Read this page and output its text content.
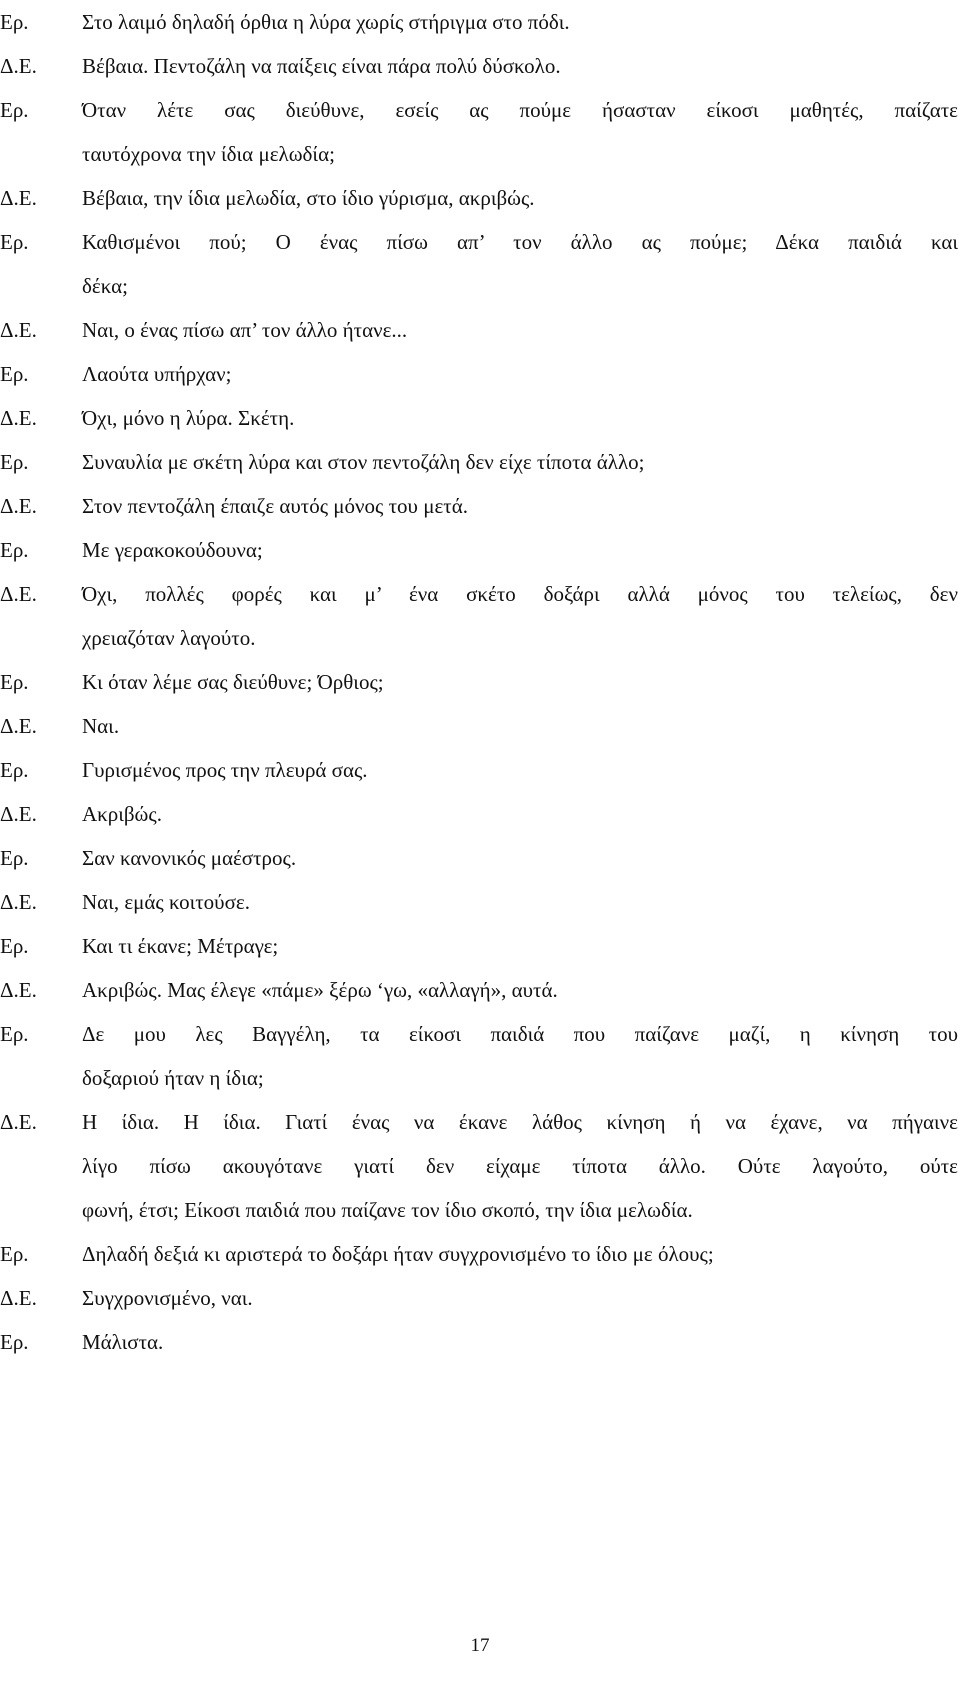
Ερ.	Στο λαιμό δηλαδή όρθια η λύρα χωρίς στήριγμα στο πόδι.
Δ.Ε.	Βέβαια. Πεντοζάλη να παίξεις είναι πάρα πολύ δύσκολο.
Ερ.	Όταν λέτε σας διεύθυνε, εσείς ας πούμε ήσασταν είκοσι μαθητές, παίζατε
ταυτόχρονα την ίδια μελωδία;
Δ.Ε.	Βέβαια, την ίδια μελωδία, στο ίδιο γύρισμα, ακριβώς.
Ερ.	Καθισμένοι πού; Ο ένας πίσω απ’ τον άλλο ας πούμε; Δέκα παιδιά και
δέκα;
Δ.Ε.	Ναι, ο ένας πίσω απ’ τον άλλο ήτανε...
Ερ.	Λαούτα υπήρχαν;
Δ.Ε.	Όχι, μόνο η λύρα. Σκέτη.
Ερ.	Συναυλία με σκέτη λύρα και στον πεντοζάλη δεν είχε τίποτα άλλο;
Δ.Ε.	Στον πεντοζάλη έπαιζε αυτός μόνος του μετά.
Ερ.	Με γερακοκούδουνα;
Δ.Ε.	Όχι, πολλές φορές και μ’ ένα σκέτο δοξάρι αλλά μόνος του τελείως, δεν
χρειαζόταν λαγούτο.
Ερ.	Κι όταν λέμε σας διεύθυνε; Όρθιος;
Δ.Ε.	Ναι.
Ερ.	Γυρισμένος προς την πλευρά σας.
Δ.Ε.	Ακριβώς.
Ερ.	Σαν κανονικός μαέστρος.
Δ.Ε.	Ναι, εμάς κοιτούσε.
Ερ.	Και τι έκανε; Μέτραγε;
Δ.Ε.	Ακριβώς. Μας έλεγε «πάμε» ξέρω ‘γω, «αλλαγή», αυτά.
Ερ.	Δε μου λες Βαγγέλη, τα είκοσι παιδιά που παίζανε μαζί, η κίνηση του
δοξαριού ήταν η ίδια;
Δ.Ε.	Η ίδια. Η ίδια. Γιατί ένας να έκανε λάθος κίνηση ή να έχανε, να πήγαινε
λίγο πίσω ακουγότανε γιατί δεν είχαμε τίποτα άλλο. Ούτε λαγούτο, ούτε
φωνή, έτσι; Είκοσι παιδιά που παίζανε τον ίδιο σκοπό, την ίδια μελωδία.
Ερ.	Δηλαδή δεξιά κι αριστερά το δοξάρι ήταν συγχρονισμένο το ίδιο με όλους;
Δ.Ε.	Συγχρονισμένο, ναι.
Ερ.	Μάλιστα.
17
